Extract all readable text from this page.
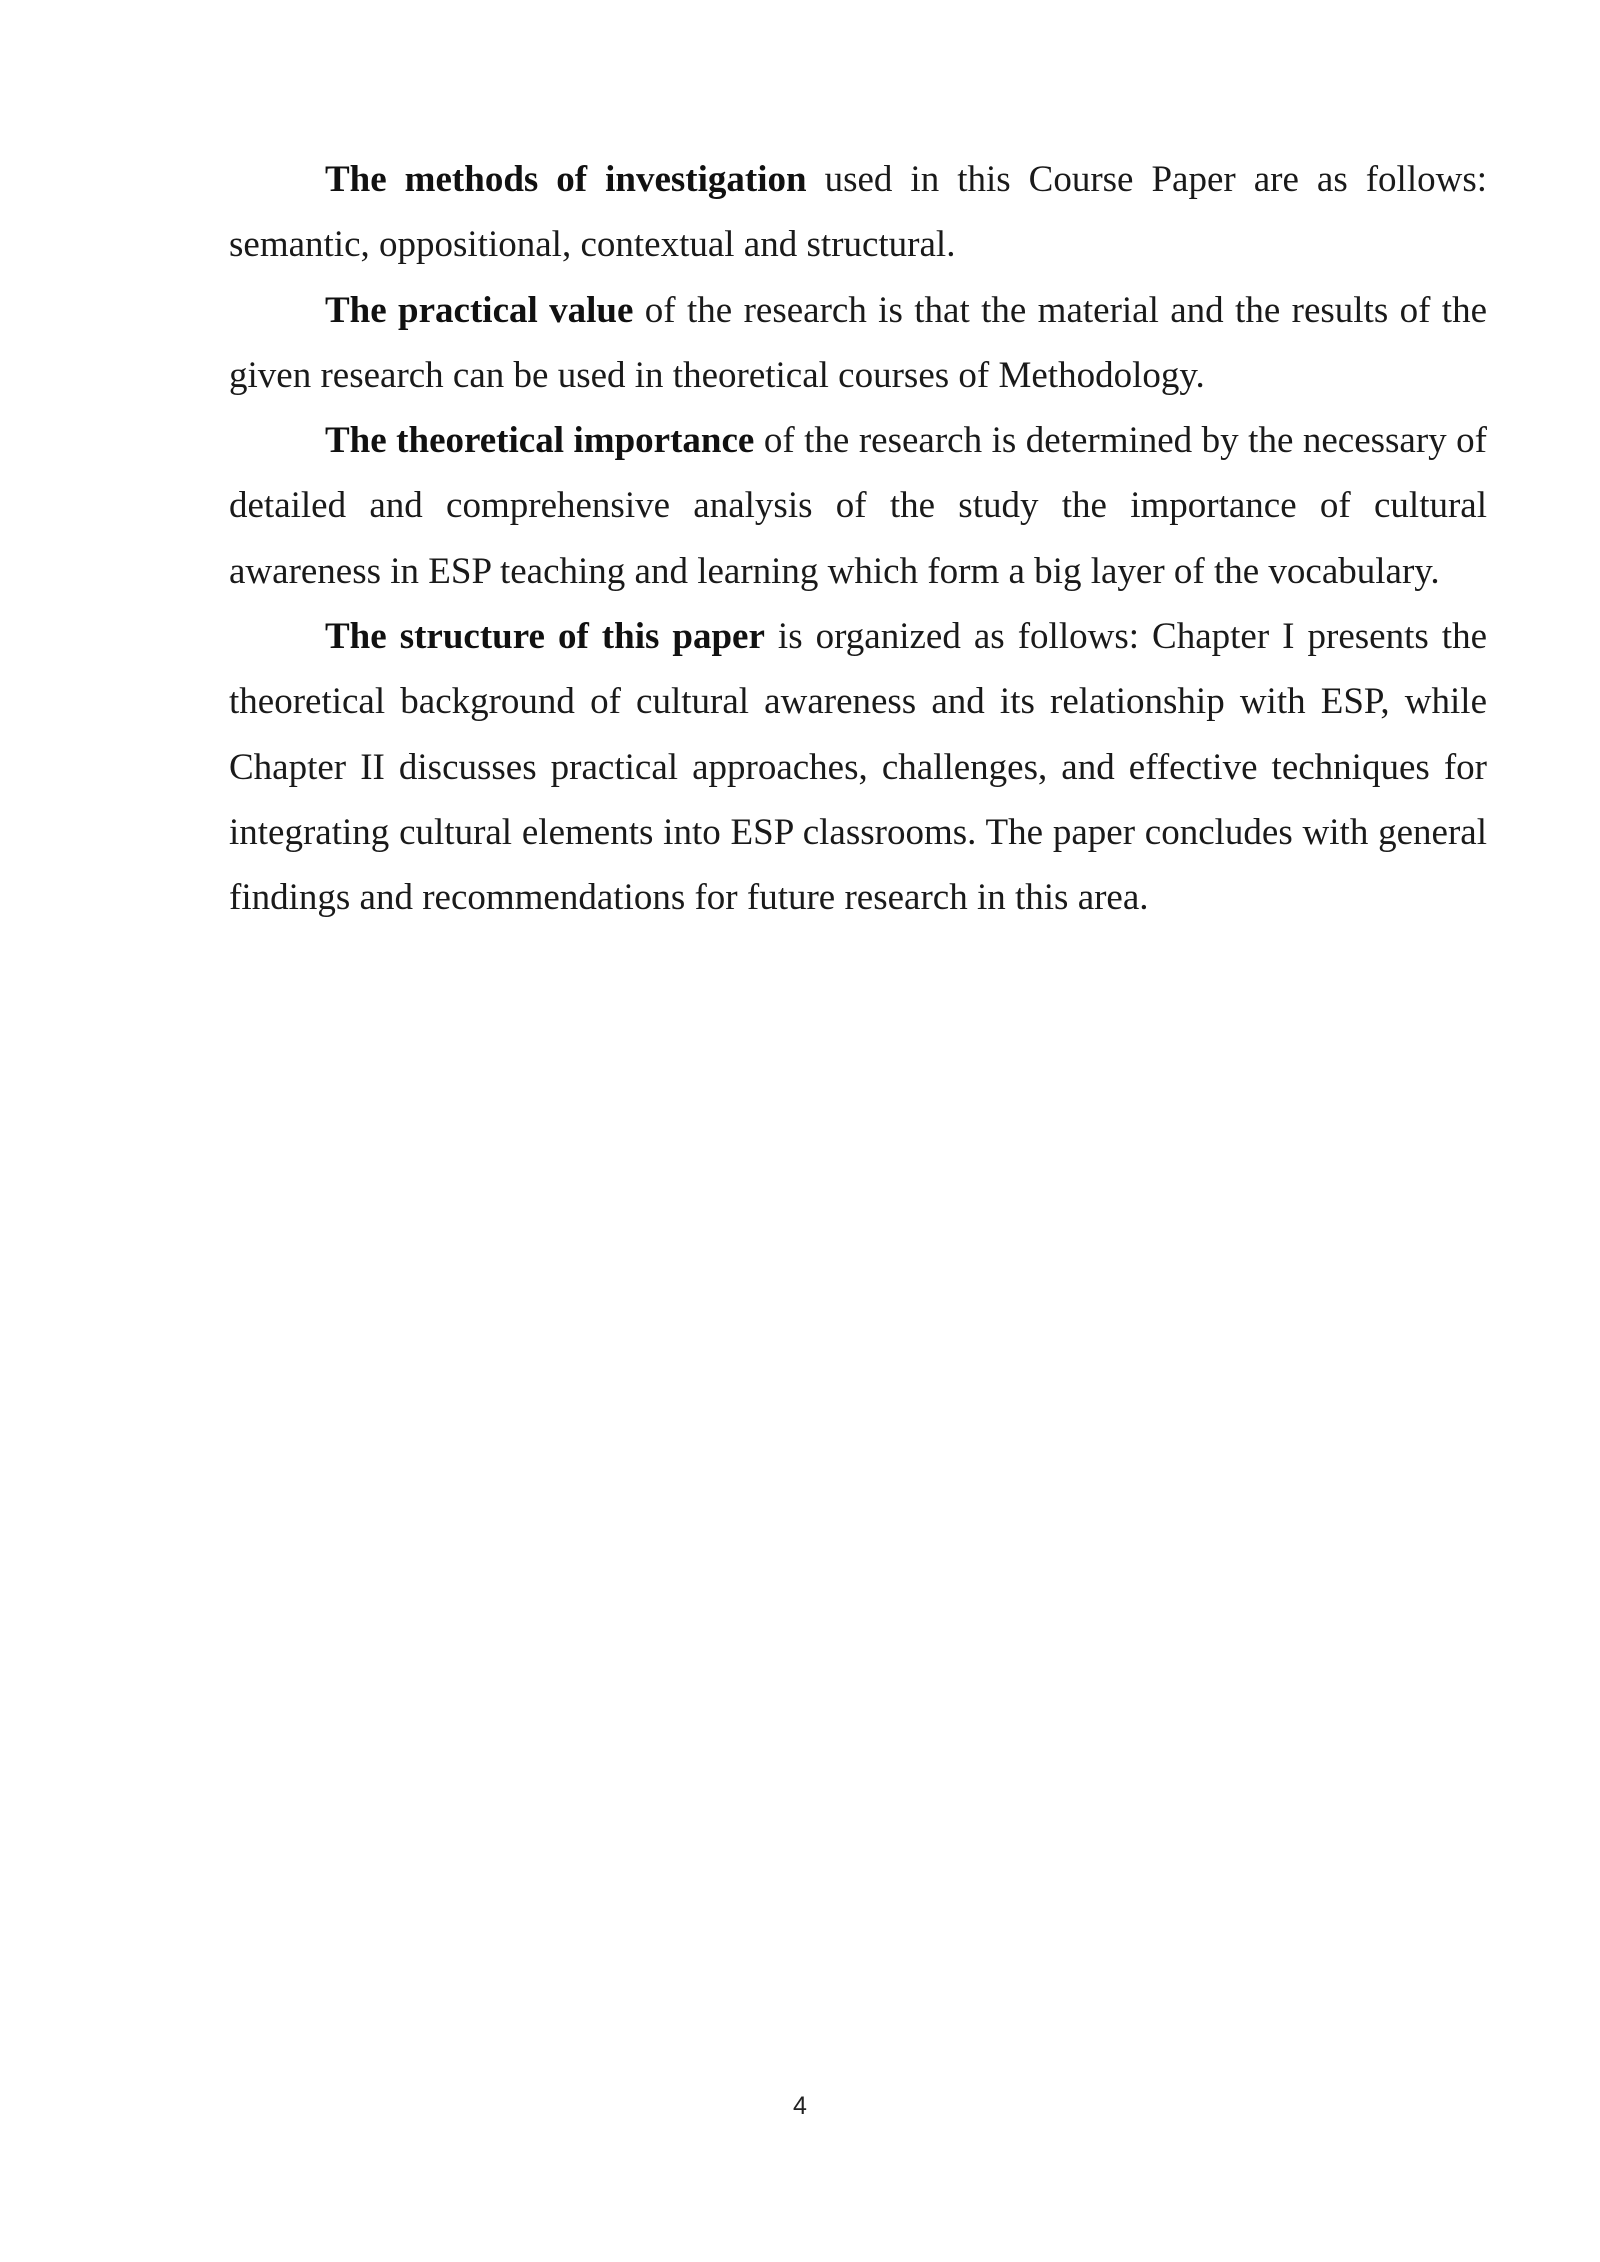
The methods of investigation used in this Course Paper are as follows: semantic, oppositional, contextual and structural.

The practical value of the research is that the material and the results of the given research can be used in theoretical courses of Methodology.

The theoretical importance of the research is determined by the necessary of detailed and comprehensive analysis of the study the importance of cultural awareness in ESP teaching and learning which form a big layer of the vocabulary.

The structure of this paper is organized as follows: Chapter I presents the theoretical background of cultural awareness and its relationship with ESP, while Chapter II discusses practical approaches, challenges, and effective techniques for integrating cultural elements into ESP classrooms. The paper concludes with general findings and recommendations for future research in this area.

4
